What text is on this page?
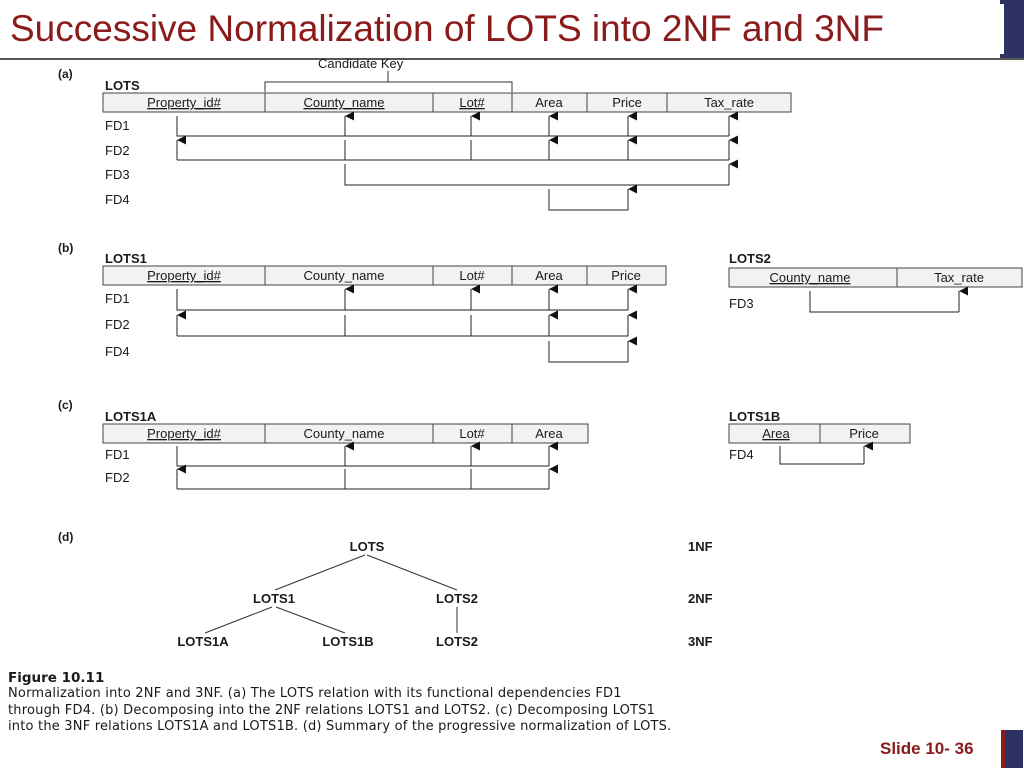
Successive Normalization of LOTS into 2NF and 3NF
(a)
Candidate Key
LOTS
Property_id#	County_name	Lot#	Area	Price	Tax_rate
FD1
FD2
FD3
FD4
(b)
LOTS1
Property_id#	County_name	Lot#	Area	Price
FD1
FD2
FD4
LOTS2
County_name	Tax_rate
FD3
(c)
LOTS1A
Property_id#	County_name	Lot#	Area
FD1
FD2
LOTS1B
Area	Price
FD4
(d)
LOTS
LOTS1	LOTS2
LOTS1A	LOTS1B	LOTS2
1NF
2NF
3NF
Figure 10.11
Normalization into 2NF and 3NF. (a) The LOTS relation with its functional dependencies FD1
through FD4. (b) Decomposing into the 2NF relations LOTS1 and LOTS2. (c) Decomposing LOTS1
into the 3NF relations LOTS1A and LOTS1B. (d) Summary of the progressive normalization of LOTS.
Slide 10- 36
